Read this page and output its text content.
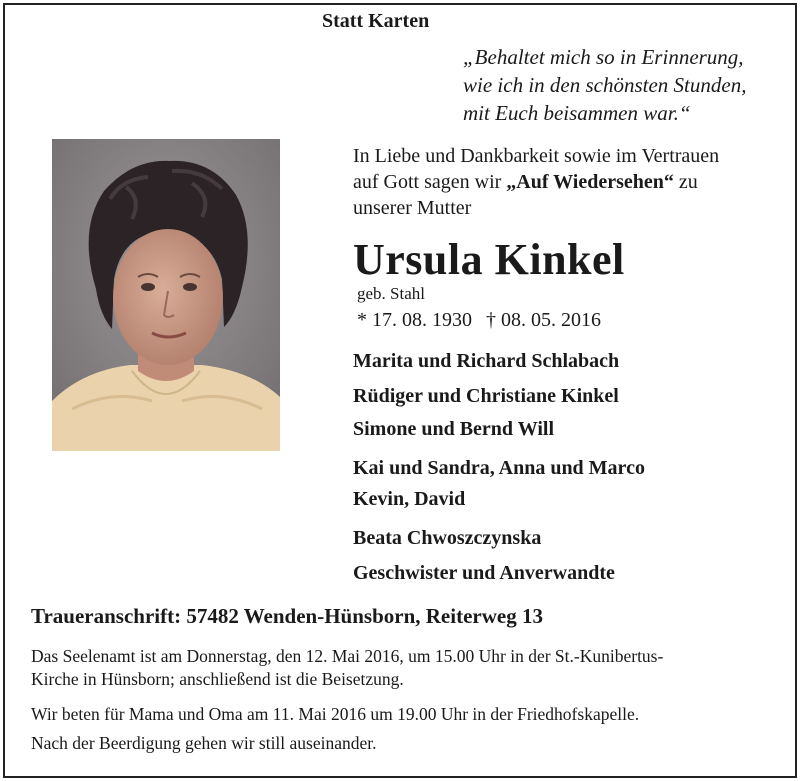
Statt Karten
„Behaltet mich so in Erinnerung,
wie ich in den schönsten Stunden,
mit Euch beisammen war.“
In Liebe und Dankbarkeit sowie im Vertrauen
auf Gott sagen wir „Auf Wiedersehen“ zu
unserer Mutter
Ursula Kinkel
geb. Stahl
* 17. 08. 1930 † 08. 05. 2016
Marita und Richard Schlabach
Rüdiger und Christiane Kinkel
Simone und Bernd Will
Kai und Sandra, Anna und Marco
Kevin, David
Beata Chwoszczynska
Geschwister und Anverwandte
Traueranschrift: 57482 Wenden-Hünsborn, Reiterweg 13
Das Seelenamt ist am Donnerstag, den 12. Mai 2016, um 15.00 Uhr in der St.-Kunibertus-
Kirche in Hünsborn; anschließend ist die Beisetzung.
Wir beten für Mama und Oma am 11. Mai 2016 um 19.00 Uhr in der Friedhofskapelle.
Nach der Beerdigung gehen wir still auseinander.
